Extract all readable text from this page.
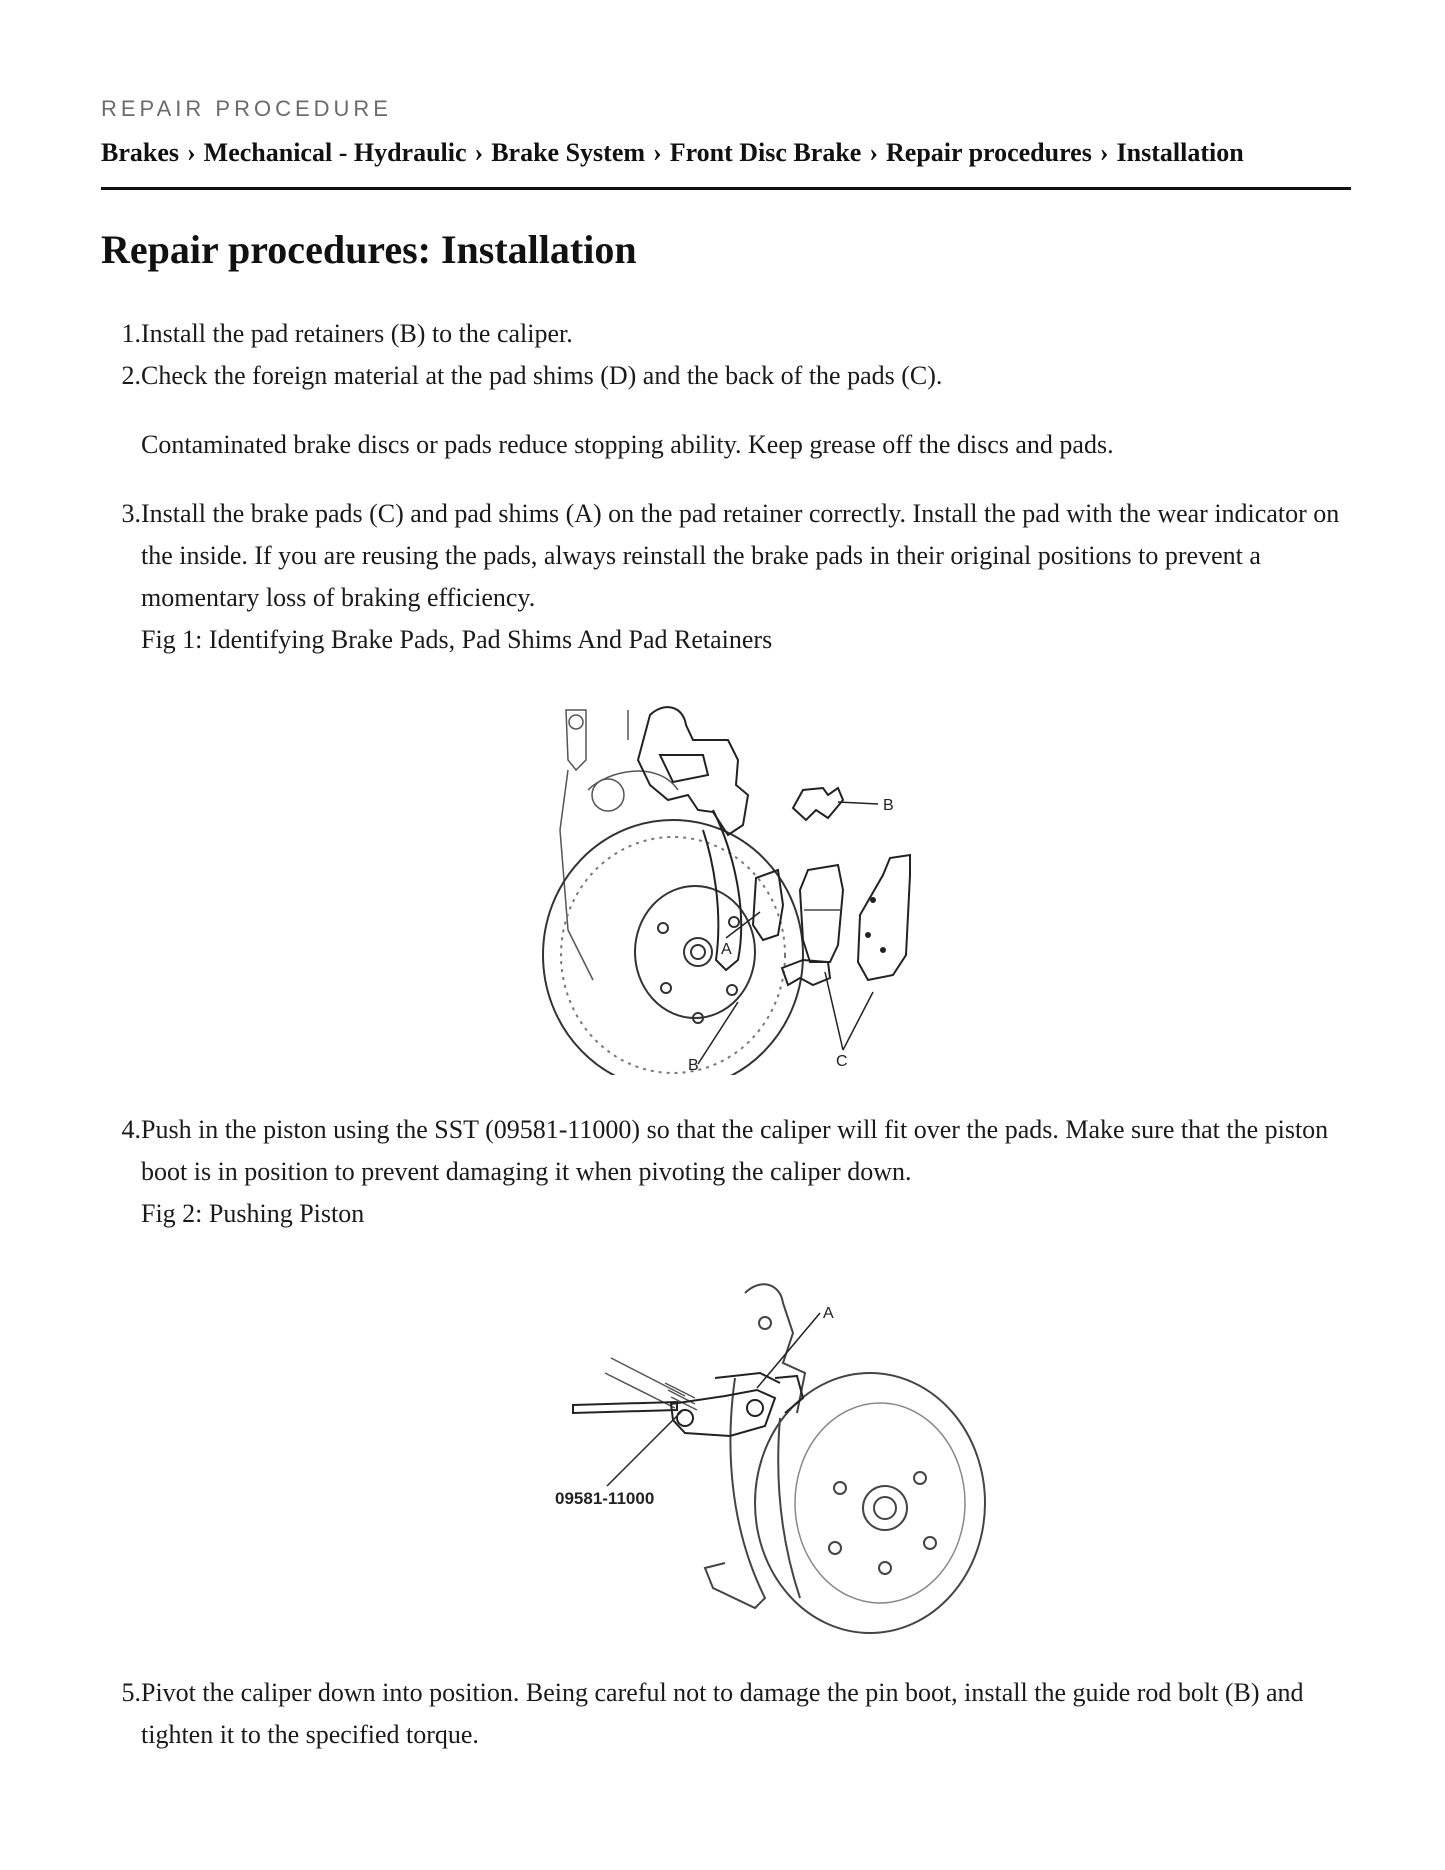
REPAIR PROCEDURE
Brakes › Mechanical - Hydraulic › Brake System › Front Disc Brake › Repair procedures › Installation
Repair procedures: Installation
1. Install the pad retainers (B) to the caliper.
2. Check the foreign material at the pad shims (D) and the back of the pads (C).
Contaminated brake discs or pads reduce stopping ability. Keep grease off the discs and pads.
3. Install the brake pads (C) and pad shims (A) on the pad retainer correctly. Install the pad with the wear indicator on the inside. If you are reusing the pads, always reinstall the brake pads in their original positions to prevent a momentary loss of braking efficiency.
Fig 1: Identifying Brake Pads, Pad Shims And Pad Retainers
B
A
B	C
4. Push in the piston using the SST (09581-11000) so that the caliper will fit over the pads. Make sure that the piston boot is in position to prevent damaging it when pivoting the caliper down.
Fig 2: Pushing Piston
A
09581-11000
5. Pivot the caliper down into position. Being careful not to damage the pin boot, install the guide rod bolt (B) and tighten it to the specified torque.
